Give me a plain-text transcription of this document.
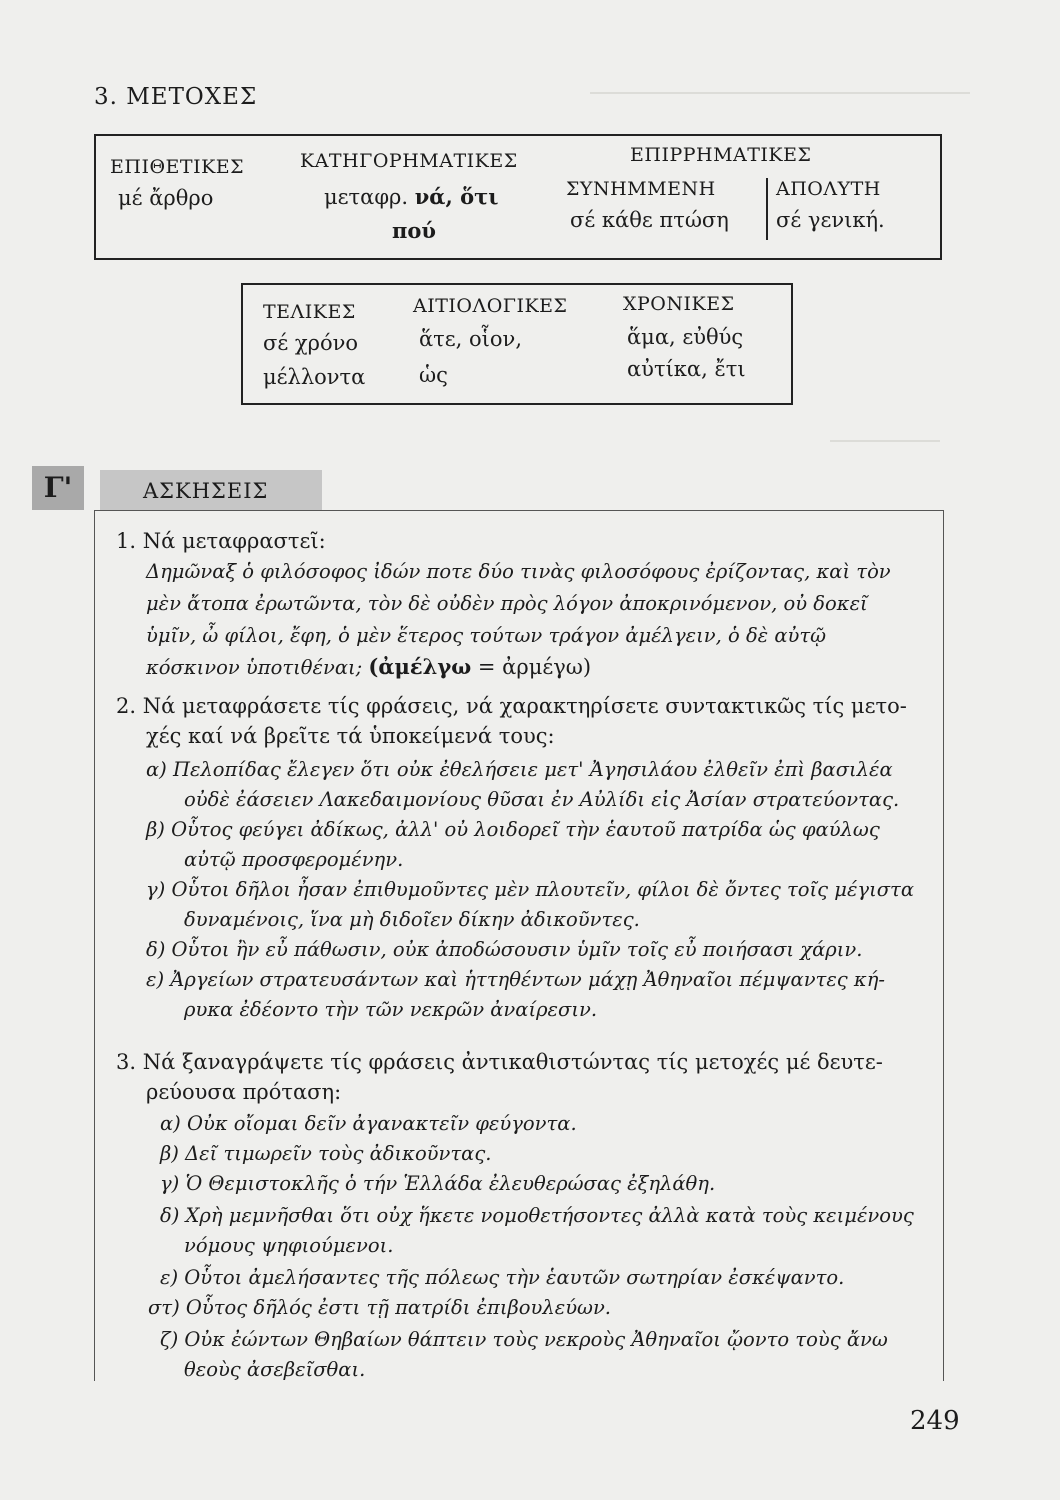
3. ΜΕΤΟΧΕΣ
ΕΠΙΘΕΤΙΚΕΣ
μέ ἄρθρο
ΚΑΤΗΓΟΡΗΜΑΤΙΚΕΣ
μεταφρ. νά, ὅτι
πού
ΕΠΙΡΡΗΜΑΤΙΚΕΣ
ΣΥΝΗΜΜΕΝΗ
σέ κάθε πτώση
ΑΠΟΛΥΤΗ
σέ γενική.
ΤΕΛΙΚΕΣ
σέ χρόνο
μέλλοντα
ΑΙΤΙΟΛΟΓΙΚΕΣ
ἅτε, οἷον,
ὡς
ΧΡΟΝΙΚΕΣ
ἅμα, εὐθύς
αὐτίκα, ἔτι
Γ'	ΑΣΚΗΣΕΙΣ
1. Νά μεταφραστεῖ:
Δημῶναξ ὁ φιλόσοφος ἰδών ποτε δύο τινὰς φιλοσόφους ἐρίζοντας, καὶ τὸν
μὲν ἄτοπα ἐρωτῶντα, τὸν δὲ οὐδὲν πρὸς λόγον ἀποκρινόμενον, οὐ δοκεῖ
ὑμῖν, ὦ φίλοι, ἔφη, ὁ μὲν ἕτερος τούτων τράγον ἀμέλγειν, ὁ δὲ αὐτῷ
κόσκινον ὑποτιθέναι; (ἀμέλγω = ἀρμέγω)
2. Νά μεταφράσετε τίς φράσεις, νά χαρακτηρίσετε συντακτικῶς τίς μετο-
χές καί νά βρεῖτε τά ὑποκείμενά τους:
α) Πελοπίδας ἔλεγεν ὅτι οὐκ ἐθελήσειε μετ' Ἀγησιλάου ἐλθεῖν ἐπὶ βασιλέα
οὐδὲ ἐάσειεν Λακεδαιμονίους θῦσαι ἐν Αὐλίδι εἰς Ἀσίαν στρατεύοντας.
β) Οὗτος φεύγει ἀδίκως, ἀλλ' οὐ λοιδορεῖ τὴν ἑαυτοῦ πατρίδα ὡς φαύλως
αὐτῷ προσφερομένην.
γ) Οὗτοι δῆλοι ἦσαν ἐπιθυμοῦντες μὲν πλουτεῖν, φίλοι δὲ ὄντες τοῖς μέγιστα
δυναμένοις, ἵνα μὴ διδοῖεν δίκην ἀδικοῦντες.
δ) Οὗτοι ἢν εὖ πάθωσιν, οὐκ ἀποδώσουσιν ὑμῖν τοῖς εὖ ποιήσασι χάριν.
ε) Ἀργείων στρατευσάντων καὶ ἡττηθέντων μάχῃ Ἀθηναῖοι πέμψαντες κή-
ρυκα ἐδέοντο τὴν τῶν νεκρῶν ἀναίρεσιν.
3. Νά ξαναγράψετε τίς φράσεις ἀντικαθιστώντας τίς μετοχές μέ δευτε-
ρεύουσα πρόταση:
α) Οὐκ οἴομαι δεῖν ἀγανακτεῖν φεύγοντα.
β) Δεῖ τιμωρεῖν τοὺς ἀδικοῦντας.
γ) Ὁ Θεμιστοκλῆς ὁ τήν Ἑλλάδα ἐλευθερώσας ἐξηλάθη.
δ) Χρὴ μεμνῆσθαι ὅτι οὐχ ἥκετε νομοθετήσοντες ἀλλὰ κατὰ τοὺς κειμένους
νόμους ψηφιούμενοι.
ε) Οὗτοι ἀμελήσαντες τῆς πόλεως τὴν ἑαυτῶν σωτηρίαν ἐσκέψαντο.
στ) Οὗτος δῆλός ἐστι τῇ πατρίδι ἐπιβουλεύων.
ζ) Οὐκ ἐώντων Θηβαίων θάπτειν τοὺς νεκροὺς Ἀθηναῖοι ᾤοντο τοὺς ἄνω
θεοὺς ἀσεβεῖσθαι.
249
